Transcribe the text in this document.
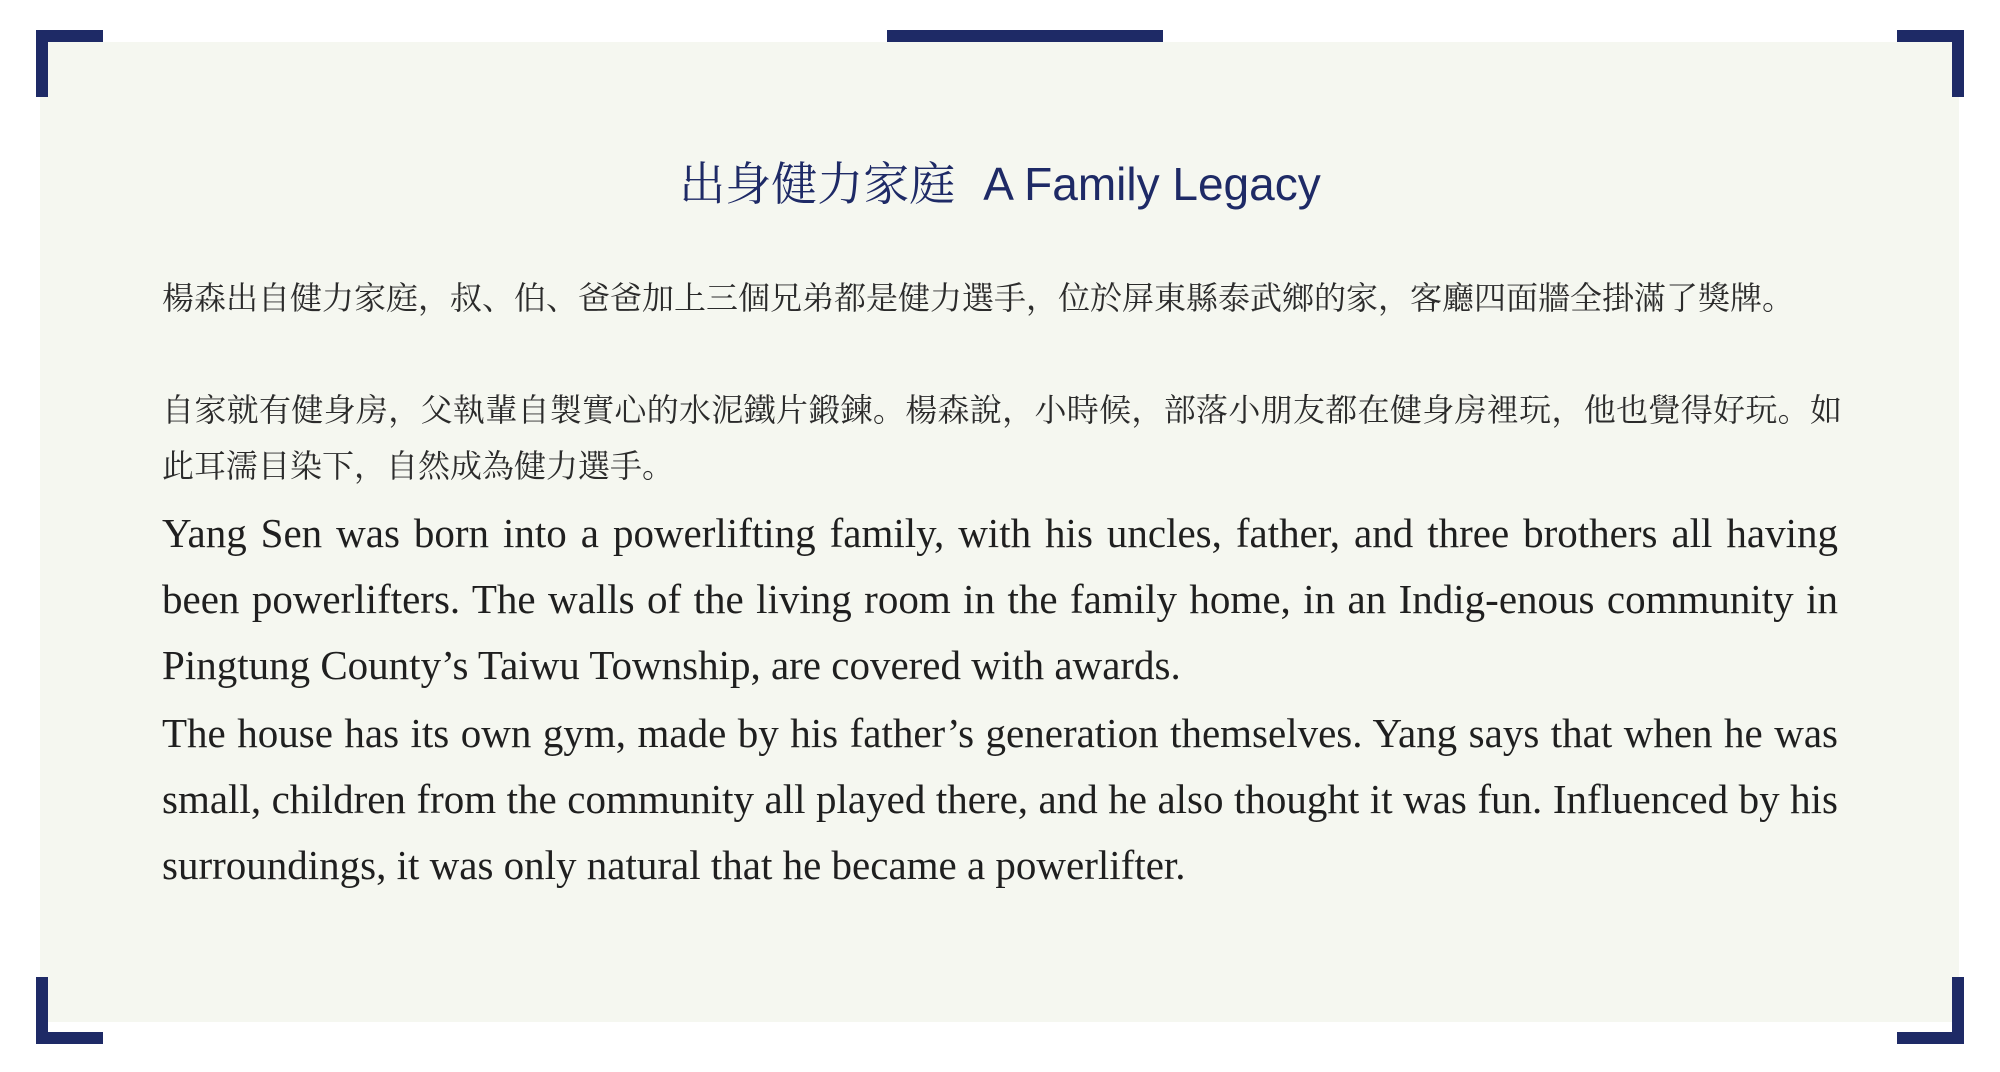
出身健力家庭 A Family Legacy
楊森出自健力家庭，叔、伯、爸爸加上三個兄弟都是健力選手，位於屏東縣泰武鄉的家，客廳四面牆全掛滿了獎牌。
自家就有健身房，父執輩自製實心的水泥鐵片鍛鍊。楊森說，小時候，部落小朋友都在健身房裡玩，他也覺得好玩。如此耳濡目染下，自然成為健力選手。
Yang Sen was born into a powerlifting family, with his uncles, father, and three brothers all having been powerlifters. The walls of the living room in the family home, in an Indig-enous community in Pingtung County’s Taiwu Township, are covered with awards.
The house has its own gym, made by his father’s generation themselves. Yang says that when he was small, children from the community all played there, and he also thought it was fun. Influenced by his surroundings, it was only natural that he became a powerlifter.
